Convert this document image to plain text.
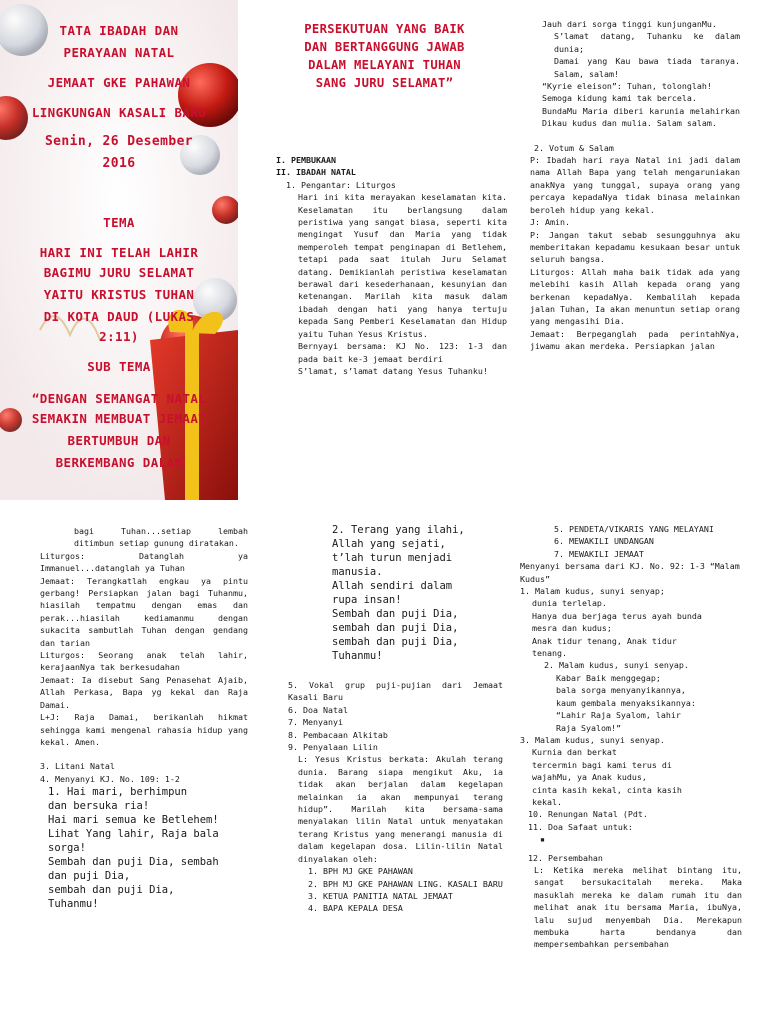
TATA IBADAH DAN
PERAYAAN NATAL
JEMAAT GKE PAHAWAN
LINGKUNGAN KASALI BARU
Senin, 26 Desember
2016
TEMA
HARI INI TELAH LAHIR
BAGIMU JURU SELAMAT
YAITU KRISTUS TUHAN
DI KOTA DAUD (LUKAS
2:11)
SUB TEMA
“DENGAN SEMANGAT NATAL
SEMAKIN MEMBUAT JEMAAT
BERTUMBUH DAN
BERKEMBANG DALAM
PERSEKUTUAN YANG BAIK
DAN BERTANGGUNG JAWAB
DALAM MELAYANI TUHAN
SANG JURU SELAMAT”
I. PEMBUKAAN
II. IBADAH NATAL
1. Pengantar: Liturgos
Hari ini kita merayakan keselamatan kita. Keselamatan itu berlangsung dalam peristiwa yang sangat biasa, seperti kita mengingat Yusuf dan Maria yang tidak memperoleh tempat penginapan di Betlehem, tetapi pada saat itulah Juru Selamat datang. Demikianlah peristiwa keselamatan berawal dari kesederhanaan, kesunyian dan ketenangan. Marilah kita masuk dalam ibadah dengan hati yang hanya tertuju kepada Sang Pemberi Keselamatan dan Hidup yaitu Tuhan Yesus Kristus.
Bernyayi bersama: KJ No. 123: 1-3 dan pada bait ke-3 jemaat berdiri
S’lamat, s’lamat datang Yesus Tuhanku!
Jauh dari sorga tinggi kunjunganMu.
S’lamat datang, Tuhanku ke dalam dunia;
Damai yang Kau bawa tiada taranya. Salam, salam!
“Kyrie eleison”: Tuhan, tolonglah!
Semoga kidung kami tak bercela.
BundaMu Maria diberi karunia melahirkan Dikau kudus dan mulia. Salam salam.
2. Votum & Salam
P: Ibadah hari raya Natal ini jadi dalam nama Allah Bapa yang telah mengaruniakan anakNya yang tunggal, supaya orang yang percaya kepadaNya tidak binasa melainkan beroleh hidup yang kekal.
J: Amin.
P: Jangan takut sebab sesungguhnya aku memberitakan kepadamu kesukaan besar untuk seluruh bangsa.
Liturgos: Allah maha baik tidak ada yang melebihi kasih Allah kepada orang yang berkenan kepadaNya. Kembalilah kepada jalan Tuhan, Ia akan menuntun setiap orang yang mengasihi Dia.
Jemaat: Berpeganglah pada perintahNya, jiwamu akan merdeka. Persiapkan jalan
bagi Tuhan...setiap lembah ditimbun setiap gunung diratakan.
Liturgos: Datanglah ya Immanuel...datanglah ya Tuhan
Jemaat: Terangkatlah engkau ya pintu gerbang! Persiapkan jalan bagi Tuhanmu, hiasilah tempatmu dengan emas dan perak...hiasilah kediamanmu dengan sukacita sambutlah Tuhan dengan gendang dan tarian
Liturgos: Seorang anak telah lahir, kerajaanNya tak berkesudahan
Jemaat: Ia disebut Sang Penasehat Ajaib, Allah Perkasa, Bapa yg kekal dan Raja Damai.
L+J: Raja Damai, berikanlah hikmat sehingga kami mengenal rahasia hidup yang kekal. Amen.
3. Litani Natal
4. Menyanyi KJ. No. 109: 1-2
1. Hai mari, berhimpun
dan bersuka ria!
Hai mari semua ke Betlehem!
Lihat Yang lahir, Raja bala
sorga!
Sembah dan puji Dia, sembah
dan puji Dia,
sembah dan puji Dia,
Tuhanmu!
2. Terang yang ilahi,
Allah yang sejati,
t’lah turun menjadi
manusia.
Allah sendiri dalam
rupa insan!
Sembah dan puji Dia,
sembah dan puji Dia,
sembah dan puji Dia,
Tuhanmu!
5. Vokal grup puji-pujian dari Jemaat Kasali Baru
6. Doa Natal
7. Menyanyi
8. Pembacaan Alkitab
9. Penyalaan Lilin
L: Yesus Kristus berkata: Akulah terang dunia. Barang siapa mengikut Aku, ia tidak akan berjalan dalam kegelapan melainkan ia akan mempunyai terang hidup”. Marilah kita bersama-sama menyalakan lilin Natal untuk menyatakan terang Kristus yang menerangi manusia di dalam kegelapan dosa. Lilin-lilin Natal dinyalakan oleh:
1. BPH MJ GKE PAHAWAN
2. BPH MJ GKE PAHAWAN LING. KASALI BARU
3. KETUA PANITIA NATAL JEMAAT
4. BAPA KEPALA DESA
5. PENDETA/VIKARIS YANG MELAYANI
6. MEWAKILI UNDANGAN
7. MEWAKILI JEMAAT
Menyanyi bersama dari KJ. No. 92: 1-3 “Malam Kudus”
1. Malam kudus, sunyi senyap;
dunia terlelap.
Hanya dua berjaga terus ayah bunda
mesra dan kudus;
Anak tidur tenang, Anak tidur
tenang.
2. Malam kudus, sunyi senyap.
Kabar Baik menggegap;
bala sorga menyanyikannya,
kaum gembala menyaksikannya:
“Lahir Raja Syalom, lahir
Raja Syalom!”
3. Malam kudus, sunyi senyap.
Kurnia dan berkat
tercermin bagi kami terus di
wajahMu, ya Anak kudus,
cinta kasih kekal, cinta kasih
kekal.
10. Renungan Natal (Pdt.
11. Doa Safaat untuk:
▪
12. Persembahan
L: Ketika mereka melihat bintang itu, sangat bersukacitalah mereka. Maka masuklah mereka ke dalam rumah itu dan melihat anak itu bersama Maria, ibuNya, lalu sujud menyembah Dia. Merekapun membuka harta bendanya dan mempersembahkan persembahan
